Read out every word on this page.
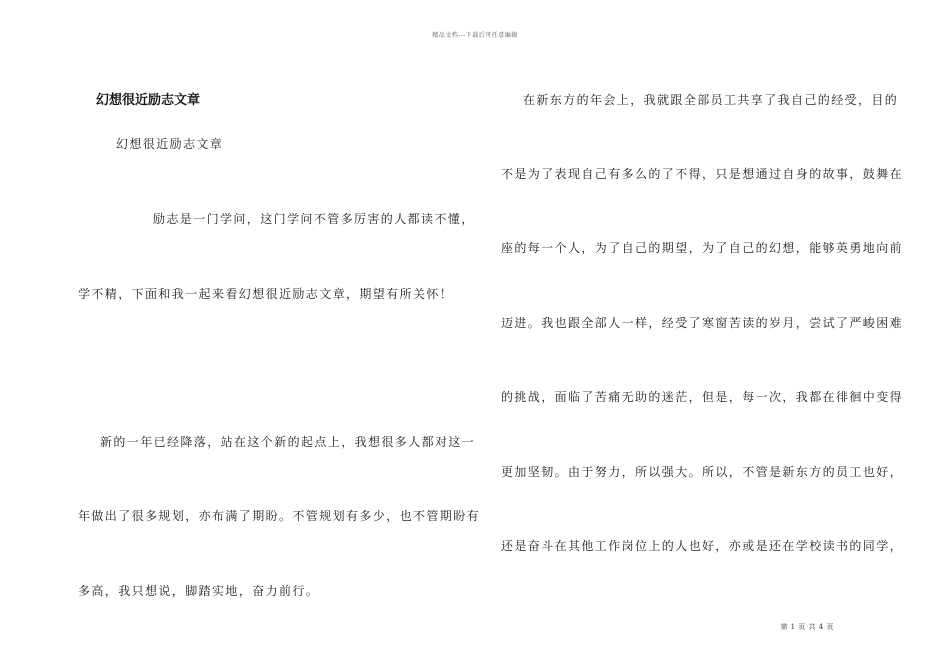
精品文档---下载后可任意编辑
幻想很近励志文章
幻想很近励志文章
励志是一门学问，这门学问不管多厉害的人都读不懂，
学不精，下面和我一起来看幻想很近励志文章，期望有所关怀！
新的一年已经降落，站在这个新的起点上，我想很多人都对这一
年做出了很多规划，亦布满了期盼。不管规划有多少，也不管期盼有
多高，我只想说，脚踏实地，奋力前行。
在新东方的年会上，我就跟全部员工共享了我自己的经受，目的
不是为了表现自己有多么的了不得，只是想通过自身的故事，鼓舞在
座的每一个人，为了自己的期望，为了自己的幻想，能够英勇地向前
迈进。我也跟全部人一样，经受了寒窗苦读的岁月，尝试了严峻困难
的挑战，面临了苦痛无助的迷茫，但是，每一次，我都在徘徊中变得
更加坚韧。由于努力，所以强大。所以，不管是新东方的员工也好，
还是奋斗在其他工作岗位上的人也好，亦或是还在学校读书的同学，
第 1 页 共 4 页
